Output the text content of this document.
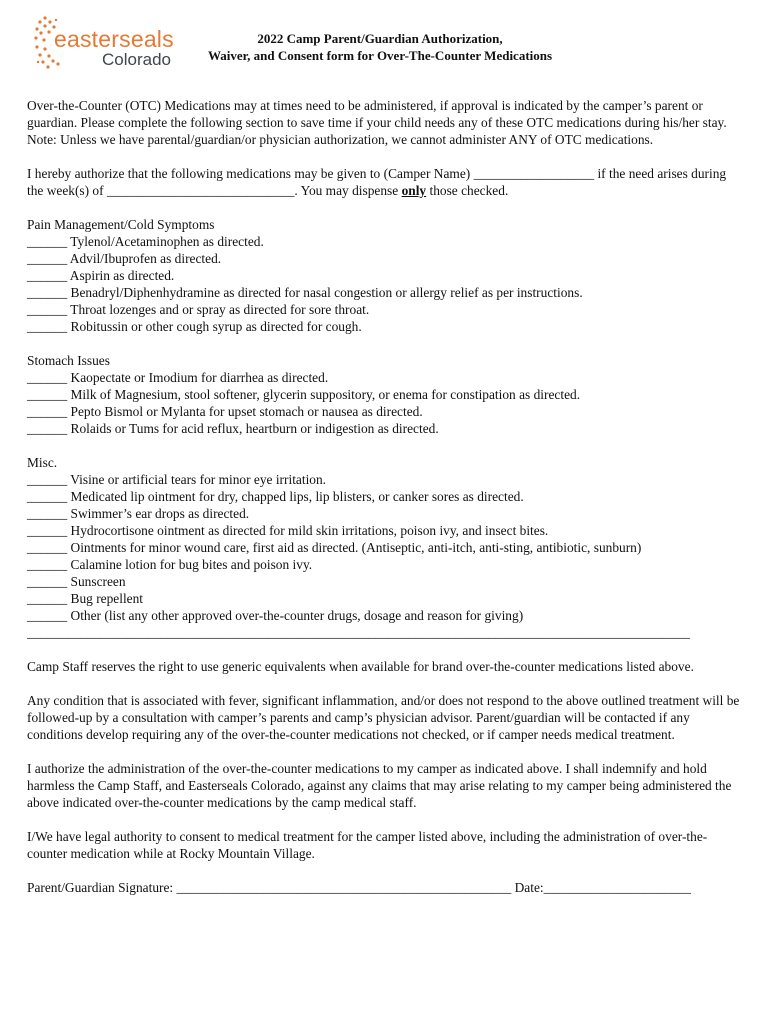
easterseals
Colorado
2022 Camp Parent/Guardian Authorization,
Waiver, and Consent form for Over-The-Counter Medications

Over-the-Counter (OTC) Medications may at times need to be administered, if approval is indicated by the camper’s parent or guardian. Please complete the following section to save time if your child needs any of these OTC medications during his/her stay. Note: Unless we have parental/guardian/or physician authorization, we cannot administer ANY of OTC medications.

I hereby authorize that the following medications may be given to (Camper Name) __________________ if the need arises during the week(s) of ____________________________. You may dispense only those checked.

Pain Management/Cold Symptoms
______ Tylenol/Acetaminophen as directed.
______ Advil/Ibuprofen as directed.
______ Aspirin as directed.
______ Benadryl/Diphenhydramine as directed for nasal congestion or allergy relief as per instructions.
______ Throat lozenges and or spray as directed for sore throat.
______ Robitussin or other cough syrup as directed for cough.
Stomach Issues
______ Kaopectate or Imodium for diarrhea as directed.
______ Milk of Magnesium, stool softener, glycerin suppository, or enema for constipation as directed.
______ Pepto Bismol or Mylanta for upset stomach or nausea as directed.
______ Rolaids or Tums for acid reflux, heartburn or indigestion as directed.
Misc.
______ Visine or artificial tears for minor eye irritation.
______ Medicated lip ointment for dry, chapped lips, lip blisters, or canker sores as directed.
______ Swimmer’s ear drops as directed.
______ Hydrocortisone ointment as directed for mild skin irritations, poison ivy, and insect bites.
______ Ointments for minor wound care, first aid as directed. (Antiseptic, anti-itch, anti-sting, antibiotic, sunburn)
______ Calamine lotion for bug bites and poison ivy.
______ Sunscreen
______ Bug repellent
______ Other (list any other approved over-the-counter drugs, dosage and reason for giving)
___________________________________________________________________________________________________

Camp Staff reserves the right to use generic equivalents when available for brand over-the-counter medications listed above.

Any condition that is associated with fever, significant inflammation, and/or does not respond to the above outlined treatment will be followed-up by a consultation with camper’s parents and camp’s physician advisor. Parent/guardian will be contacted if any conditions develop requiring any of the over-the-counter medications not checked, or if camper needs medical treatment.

I authorize the administration of the over-the-counter medications to my camper as indicated above. I shall indemnify and hold harmless the Camp Staff, and Easterseals Colorado, against any claims that may arise relating to my camper being administered the above indicated over-the-counter medications by the camp medical staff.

I/We have legal authority to consent to medical treatment for the camper listed above, including the administration of over-the-counter medication while at Rocky Mountain Village.

Parent/Guardian Signature: __________________________________________________ Date:______________________
